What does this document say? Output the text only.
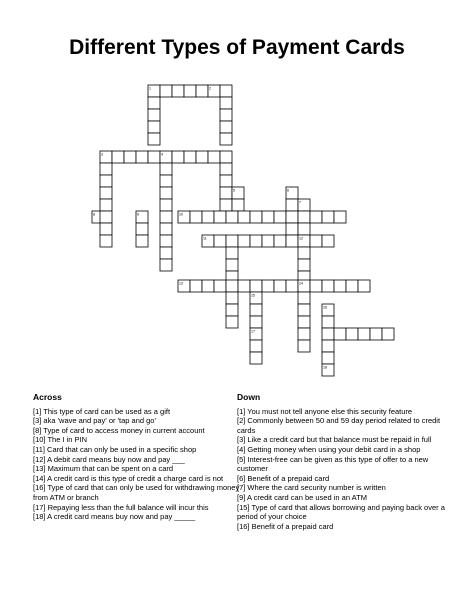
Different Types of Payment Cards
1	2
3	4
5	6
7
8	9	10
11	12
13	14
15
16
17
18
Across
[1] This type of card can be used as a gift
[3] aka 'wave and pay' or 'tap and go'
[8] Type of card to access money in current account
[10] The I in PIN
[11] Card that can only be used in a specific shop
[12] A debit card means buy now and pay ___
[13] Maximum that can be spent on a card
[14] A credit card is this type of credit a charge card is not
[16] Type of card that can only be used for withdrawing money from ATM or branch
[17] Repaying less than the full balance will incur this
[18] A credit card means buy now and pay _____
Down
[1] You must not tell anyone else this security feature
[2] Commonly between 50 and 59 day period related to credit cards
[3] Like a credit card but that balance must be repaid in full
[4] Getting money when using your debit card in a shop
[5] Interest-free can be given as this type of offer to a new customer
[6] Benefit of a prepaid card
[7] Where the card security number is written
[9] A credit card can be used in an ATM
[15] Type of card that allows borrowing and paying back over a period of your choice
[16] Benefit of a prepaid card
